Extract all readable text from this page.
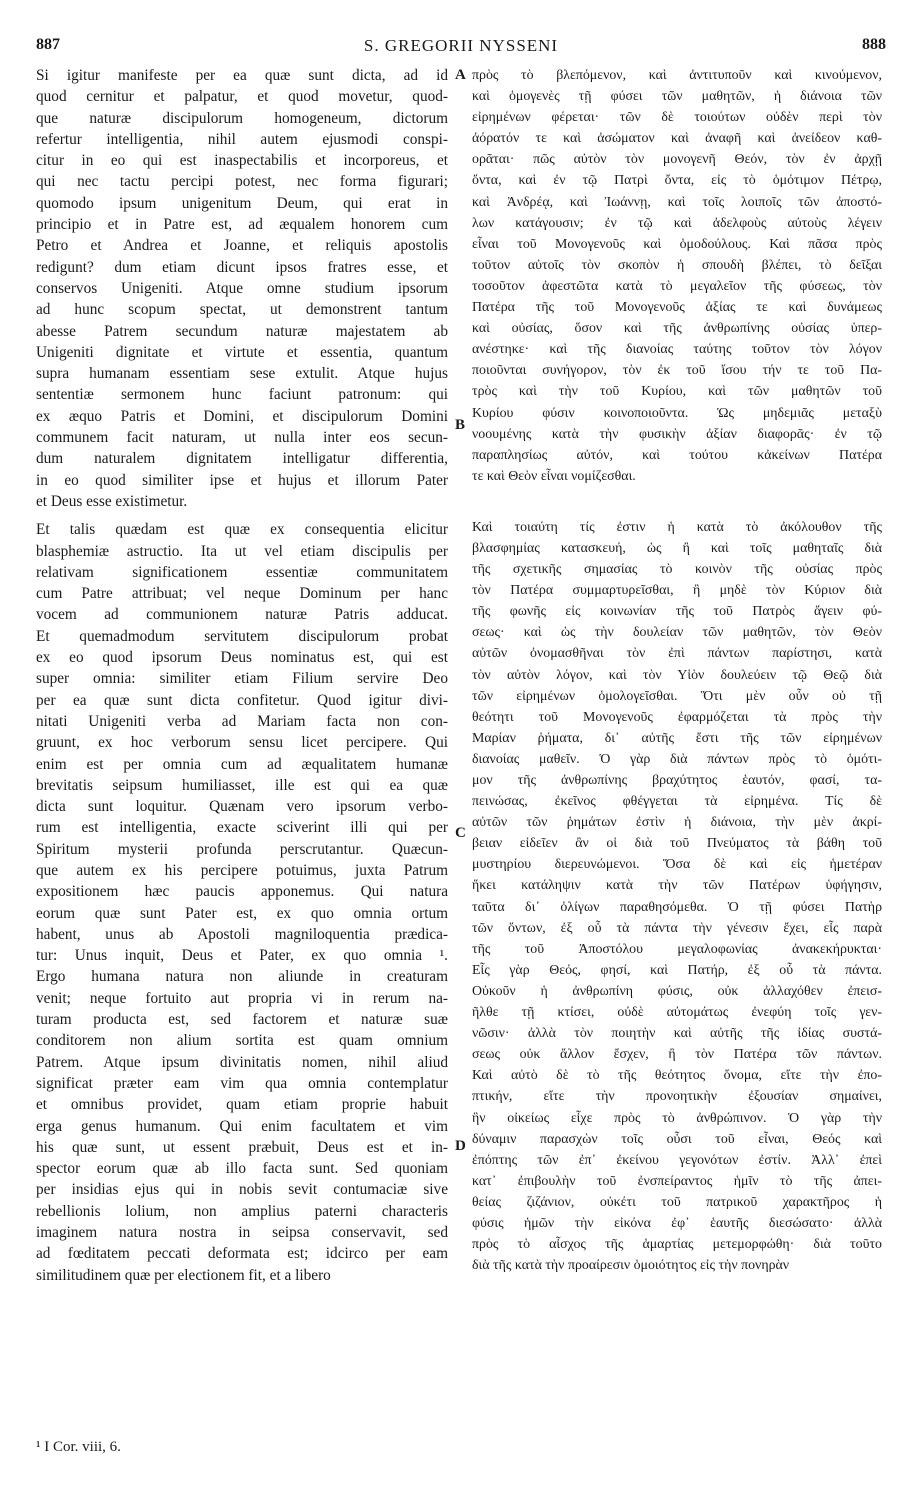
887	S. GREGORII NYSSENI	888
A
B
C
D
Si igitur manifeste per ea quæ sunt dicta, ad id
quod cernitur et palpatur, et quod movetur, quod-
que naturæ discipulorum homogeneum, dictorum
refertur intelligentia, nihil autem ejusmodi conspi-
citur in eo qui est inaspectabilis et incorporeus, et
qui nec tactu percipi potest, nec forma figurari;
quomodo ipsum unigenitum Deum, qui erat in
principio et in Patre est, ad æqualem honorem cum
Petro et Andrea et Joanne, et reliquis apostolis
redigunt? dum etiam dicunt ipsos fratres esse, et
conservos Unigeniti. Atque omne studium ipsorum
ad hunc scopum spectat, ut demonstrent tantum
abesse Patrem secundum naturæ majestatem ab
Unigeniti dignitate et virtute et essentia, quantum
supra humanam essentiam sese extulit. Atque hujus
sententiæ sermonem hunc faciunt patronum: qui
ex æquo Patris et Domini, et discipulorum Domini
communem facit naturam, ut nulla inter eos secun-
dum naturalem dignitatem intelligatur differentia,
in eo quod similiter ipse et hujus et illorum Pater
et Deus esse existimetur.
Et talis quædam est quæ ex consequentia elicitur
blasphemiæ astructio. Ita ut vel etiam discipulis per
relativam significationem essentiæ communitatem
cum Patre attribuat; vel neque Dominum per hanc
vocem ad communionem naturæ Patris adducat.
Et quemadmodum servitutem discipulorum probat
ex eo quod ipsorum Deus nominatus est, qui est
super omnia: similiter etiam Filium servire Deo
per ea quæ sunt dicta confitetur. Quod igitur divi-
nitati Unigeniti verba ad Mariam facta non con-
gruunt, ex hoc verborum sensu licet percipere. Qui
enim est per omnia cum ad æqualitatem humanæ
brevitatis seipsum humiliasset, ille est qui ea quæ
dicta sunt loquitur. Quænam vero ipsorum verbo-
rum est intelligentia, exacte sciverint illi qui per
Spiritum mysterii profunda perscrutantur. Quæcun-
que autem ex his percipere potuimus, juxta Patrum
expositionem hæc paucis apponemus. Qui natura
eorum quæ sunt Pater est, ex quo omnia ortum
habent, unus ab Apostoli magniloquentia prædica-
tur: Unus inquit, Deus et Pater, ex quo omnia ¹.
Ergo humana natura non aliunde in creaturam
venit; neque fortuito aut propria vi in rerum na-
turam producta est, sed factorem et naturæ suæ
conditorem non alium sortita est quam omnium
Patrem. Atque ipsum divinitatis nomen, nihil aliud
significat præter eam vim qua omnia contemplatur
et omnibus providet, quam etiam proprie habuit
erga genus humanum. Qui enim facultatem et vim
his quæ sunt, ut essent præbuit, Deus est et in-
spector eorum quæ ab illo facta sunt. Sed quoniam
per insidias ejus qui in nobis sevit contumaciæ sive
rebellionis lolium, non amplius paterni characteris
imaginem natura nostra in seipsa conservavit, sed
ad fœditatem peccati deformata est; idcirco per eam
similitudinem quæ per electionem fit, et a libero
πρὸς τὸ βλεπόμενον, καὶ ἀντιτυποῦν καὶ κινούμενον,
καὶ ὁμογενὲς τῇ φύσει τῶν μαθητῶν, ἡ διάνοια τῶν
εἰρημένων φέρεται· τῶν δὲ τοιούτων οὐδὲν περὶ τὸν
ἀόρατόν τε καὶ ἀσώματον καὶ ἀναφῆ καὶ ἀνείδεον καθ-
ορᾶται· πῶς αὐτὸν τὸν μονογενῆ Θεόν, τὸν ἐν ἀρχῇ
ὄντα, καὶ ἐν τῷ Πατρὶ ὄντα, εἰς τὸ ὁμότιμον Πέτρῳ,
καὶ Ἀνδρέᾳ, καὶ Ἰωάννῃ, καὶ τοῖς λοιποῖς τῶν ἀποστό-
λων κατάγουσιν; ἐν τῷ καὶ ἀδελφοὺς αὐτοὺς λέγειν
εἶναι τοῦ Μονογενοῦς καὶ ὁμοδούλους. Καὶ πᾶσα πρὸς
τοῦτον αὐτοῖς τὸν σκοπὸν ἡ σπουδὴ βλέπει, τὸ δεῖξαι
τοσοῦτον ἀφεστῶτα κατὰ τὸ μεγαλεῖον τῆς φύσεως, τὸν
Πατέρα τῆς τοῦ Μονογενοῦς ἀξίας τε καὶ δυνάμεως
καὶ οὐσίας, ὅσον καὶ τῆς ἀνθρωπίνης οὐσίας ὑπερ-
ανέστηκε· καὶ τῆς διανοίας ταύτης τοῦτον τὸν λόγον
ποιοῦνται συνήγορον, τὸν ἐκ τοῦ ἴσου τήν τε τοῦ Πα-
τρὸς καὶ τὴν τοῦ Κυρίου, καὶ τῶν μαθητῶν τοῦ
Κυρίου φύσιν κοινοποιοῦντα. Ὡς μηδεμιᾶς μεταξὺ
νοουμένης κατὰ τὴν φυσικὴν ἀξίαν διαφορᾶς· ἐν τῷ
παραπλησίως αὐτόν, καὶ τούτου κἀκείνων Πατέρα
τε καὶ Θεὸν εἶναι νομίζεσθαι.
Καὶ τοιαύτη τίς ἐστιν ἡ κατὰ τὸ ἀκόλουθον τῆς
βλασφημίας κατασκευή, ὡς ἢ καὶ τοῖς μαθηταῖς διὰ
τῆς σχετικῆς σημασίας τὸ κοινὸν τῆς οὐσίας πρὸς
τὸν Πατέρα συμμαρτυρεῖσθαι, ἢ μηδὲ τὸν Κύριον διὰ
τῆς φωνῆς εἰς κοινωνίαν τῆς τοῦ Πατρὸς ἄγειν φύ-
σεως· καὶ ὡς τὴν δουλείαν τῶν μαθητῶν, τὸν Θεὸν
αὐτῶν ὀνομασθῆναι τὸν ἐπὶ πάντων παρίστησι, κατὰ
τὸν αὐτὸν λόγον, καὶ τὸν Υἱὸν δουλεύειν τῷ Θεῷ διὰ
τῶν εἰρημένων ὁμολογεῖσθαι. Ὅτι μὲν οὖν οὐ τῇ
θεότητι τοῦ Μονογενοῦς ἐφαρμόζεται τὰ πρὸς τὴν
Μαρίαν ῥήματα, δι᾽ αὐτῆς ἔστι τῆς τῶν εἰρημένων
διανοίας μαθεῖν. Ὁ γὰρ διὰ πάντων πρὸς τὸ ὁμότι-
μον τῆς ἀνθρωπίνης βραχύτητος ἑαυτόν, φασί, τα-
πεινώσας, ἐκεῖνος φθέγγεται τὰ εἰρημένα. Τίς δὲ
αὐτῶν τῶν ῥημάτων ἐστὶν ἡ διάνοια, τὴν μὲν ἀκρί-
βειαν εἰδεῖεν ἂν οἱ διὰ τοῦ Πνεύματος τὰ βάθη τοῦ
μυστηρίου διερευνώμενοι. Ὅσα δὲ καὶ εἰς ἡμετέραν
ἥκει κατάληψιν κατὰ τὴν τῶν Πατέρων ὑφήγησιν,
ταῦτα δι᾽ ὀλίγων παραθησόμεθα. Ὁ τῇ φύσει Πατὴρ
τῶν ὄντων, ἐξ οὗ τὰ πάντα τὴν γένεσιν ἔχει, εἷς παρὰ
τῆς τοῦ Ἀποστόλου μεγαλοφωνίας ἀνακεκήρυκται·
Εἷς γὰρ Θεός, φησί, καὶ Πατήρ, ἐξ οὗ τὰ πάντα.
Οὐκοῦν ἡ ἀνθρωπίνη φύσις, οὐκ ἀλλαχόθεν ἐπεισ-
ῆλθε τῇ κτίσει, οὐδὲ αὐτομάτως ἐνεφύη τοῖς γεν-
νῶσιν· ἀλλὰ τὸν ποιητὴν καὶ αὐτῆς τῆς ἰδίας συστά-
σεως οὐκ ἄλλον ἔσχεν, ἢ τὸν Πατέρα τῶν πάντων.
Καὶ αὐτὸ δὲ τὸ τῆς θεότητος ὄνομα, εἴτε τὴν ἐπο-
πτικήν, εἴτε τὴν προνοητικὴν ἐξουσίαν σημαίνει,
ἣν οἰκείως εἶχε πρὸς τὸ ἀνθρώπινον. Ὁ γὰρ τὴν
δύναμιν παρασχὼν τοῖς οὖσι τοῦ εἶναι, Θεός καὶ
ἐπόπτης τῶν ἐπ᾽ ἐκείνου γεγονότων ἐστίν. Ἀλλ᾽ ἐπεὶ
κατ᾽ ἐπιβουλὴν τοῦ ἐνσπείραντος ἡμῖν τὸ τῆς ἀπει-
θείας ζιζάνιον, οὐκέτι τοῦ πατρικοῦ χαρακτῆρος ἡ
φύσις ἡμῶν τὴν εἰκόνα ἐφ᾽ ἑαυτῆς διεσώσατο· ἀλλὰ
πρὸς τὸ αἶσχος τῆς ἁμαρτίας μετεμορφώθη· διὰ τοῦτο
διὰ τῆς κατὰ τὴν προαίρεσιν ὁμοιότητος εἰς τὴν πονηρὰν
¹ I Cor. viii, 6.
